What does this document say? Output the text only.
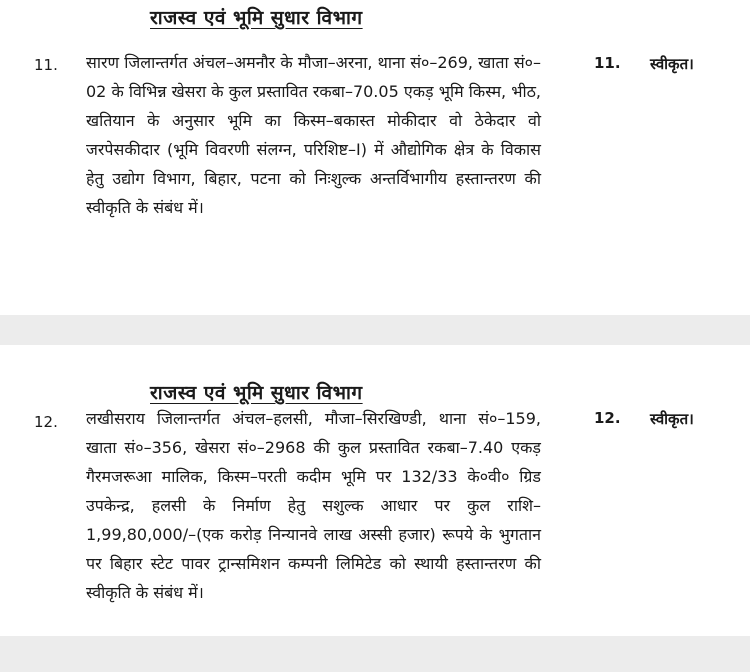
राजस्व एवं भूमि सुधार विभाग
11. सारण जिलान्तर्गत अंचल–अमनौर के मौजा–अरना, थाना सं०–269, खाता सं०–02 के विभिन्न खेसरा के कुल प्रस्तावित रकबा–70.05 एकड़ भूमि किस्म, भीठ, खतियान के अनुसार भूमि का किस्म–बकास्त मोकीदार वो ठेकेदार वो जरपेसकीदार (भूमि विवरणी संलग्न, परिशिष्ट–I) में औद्योगिक क्षेत्र के विकास हेतु उद्योग विभाग, बिहार, पटना को निःशुल्क अन्तर्विभागीय हस्तान्तरण की स्वीकृति के संबंध में।
11. स्वीकृत।
राजस्व एवं भूमि सुधार विभाग
12. लखीसराय जिलान्तर्गत अंचल–हलसी, मौजा–सिरखिण्डी, थाना सं०–159, खाता सं०–356, खेसरा सं०–2968 की कुल प्रस्तावित रकबा–7.40 एकड़ गैरमजरूआ मालिक, किस्म–परती कदीम भूमि पर 132/33 के०वी० ग्रिड उपकेन्द्र, हलसी के निर्माण हेतु सशुल्क आधार पर कुल राशि–1,99,80,000/–(एक करोड़ निन्यानवे लाख अस्सी हजार) रूपये के भुगतान पर बिहार स्टेट पावर ट्रान्समिशन कम्पनी लिमिटेड को स्थायी हस्तान्तरण की स्वीकृति के संबंध में।
12. स्वीकृत।
